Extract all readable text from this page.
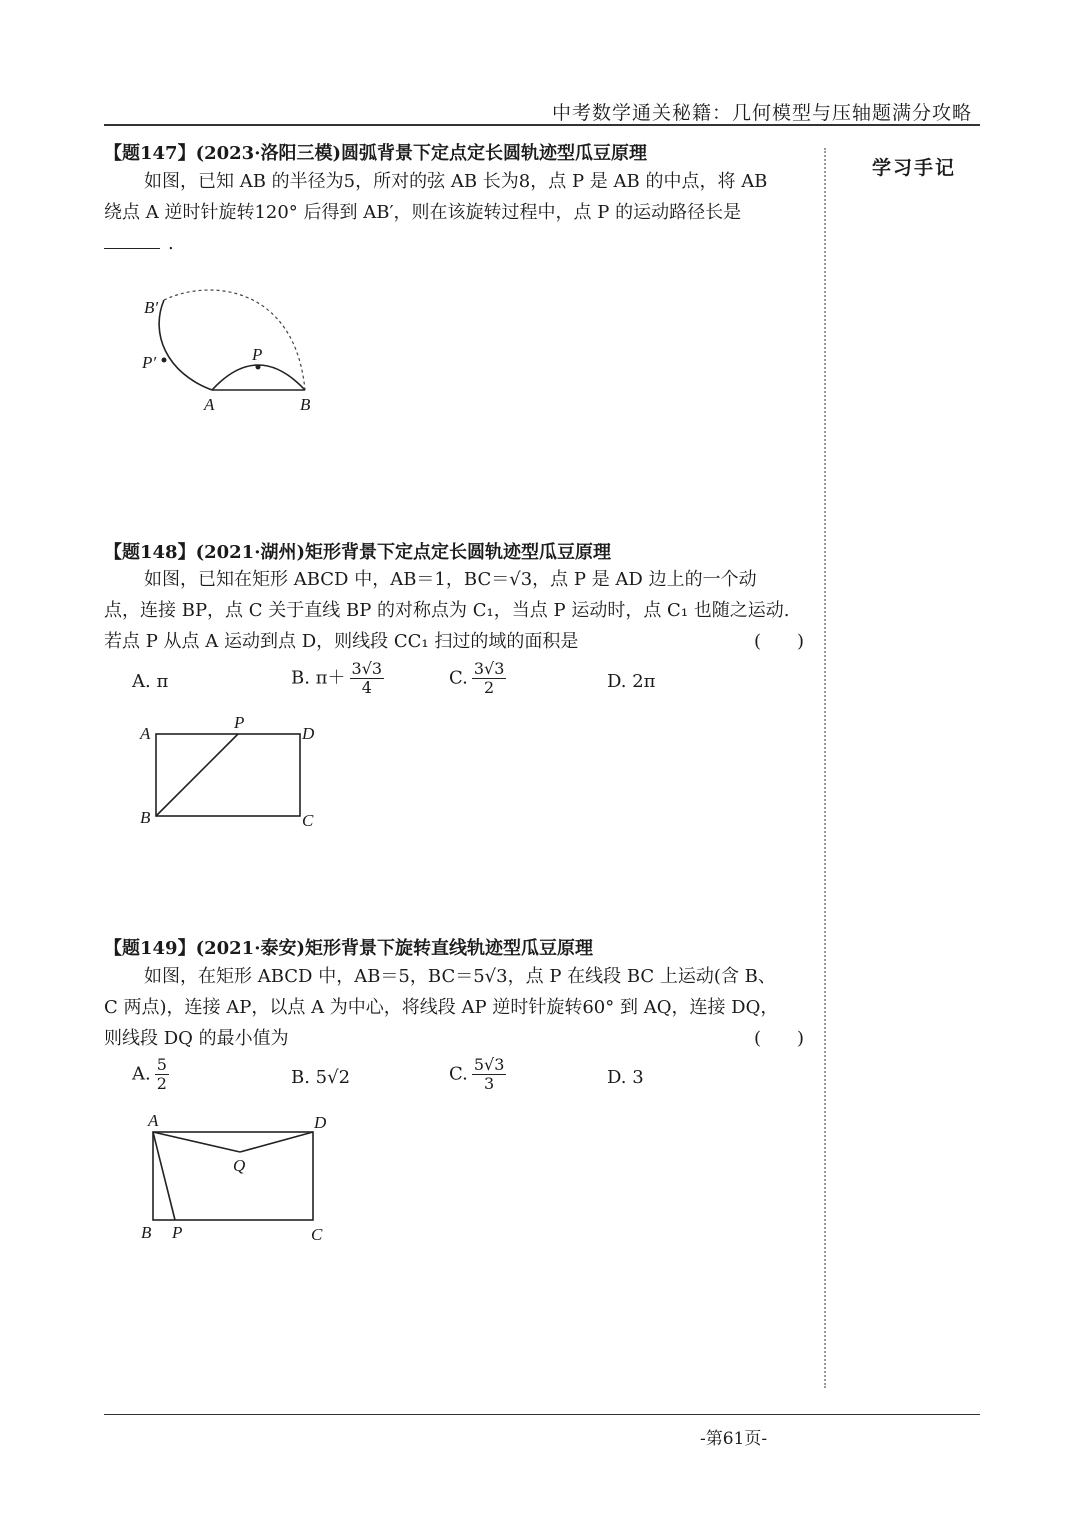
中考数学通关秘籍：几何模型与压轴题满分攻略
学习手记
【题147】(2023·洛阳三模)圆弧背景下定点定长圆轨迹型瓜豆原理
如图，已知 AB 的半径为5，所对的弦 AB 长为8，点 P 是 AB 的中点，将 AB
绕点 A 逆时针旋转120° 后得到 AB′，则在该旋转过程中，点 P 的运动路径长是
.
B′
P′	P
A	B
【题148】(2021·湖州)矩形背景下定点定长圆轨迹型瓜豆原理
如图，已知在矩形 ABCD 中，AB＝1，BC＝√3，点 P 是 AD 边上的一个动
点，连接 BP，点 C 关于直线 BP 的对称点为 C₁，当点 P 运动时，点 C₁ 也随之运动.
若点 P 从点 A 运动到点 D，则线段 CC₁ 扫过的域的面积是	(　　)
A. π	B. $\pi+ \frac{3√3}{4}$	C. $\frac{3√3}{2}$	D. 2π
A
P
D
B	C
【题149】(2021·泰安)矩形背景下旋转直线轨迹型瓜豆原理
如图，在矩形 ABCD 中，AB＝5，BC＝5√3，点 P 在线段 BC 上运动(含 B、
C 两点)，连接 AP，以点 A 为中心，将线段 AP 逆时针旋转60° 到 AQ，连接 DQ，
则线段 DQ 的最小值为	(　　)
A. $\frac{5}{2}$	B. 5√2	C. $\frac{5√3}{3}$	D. 3
A	D
Q
B P	C
-第61页-
